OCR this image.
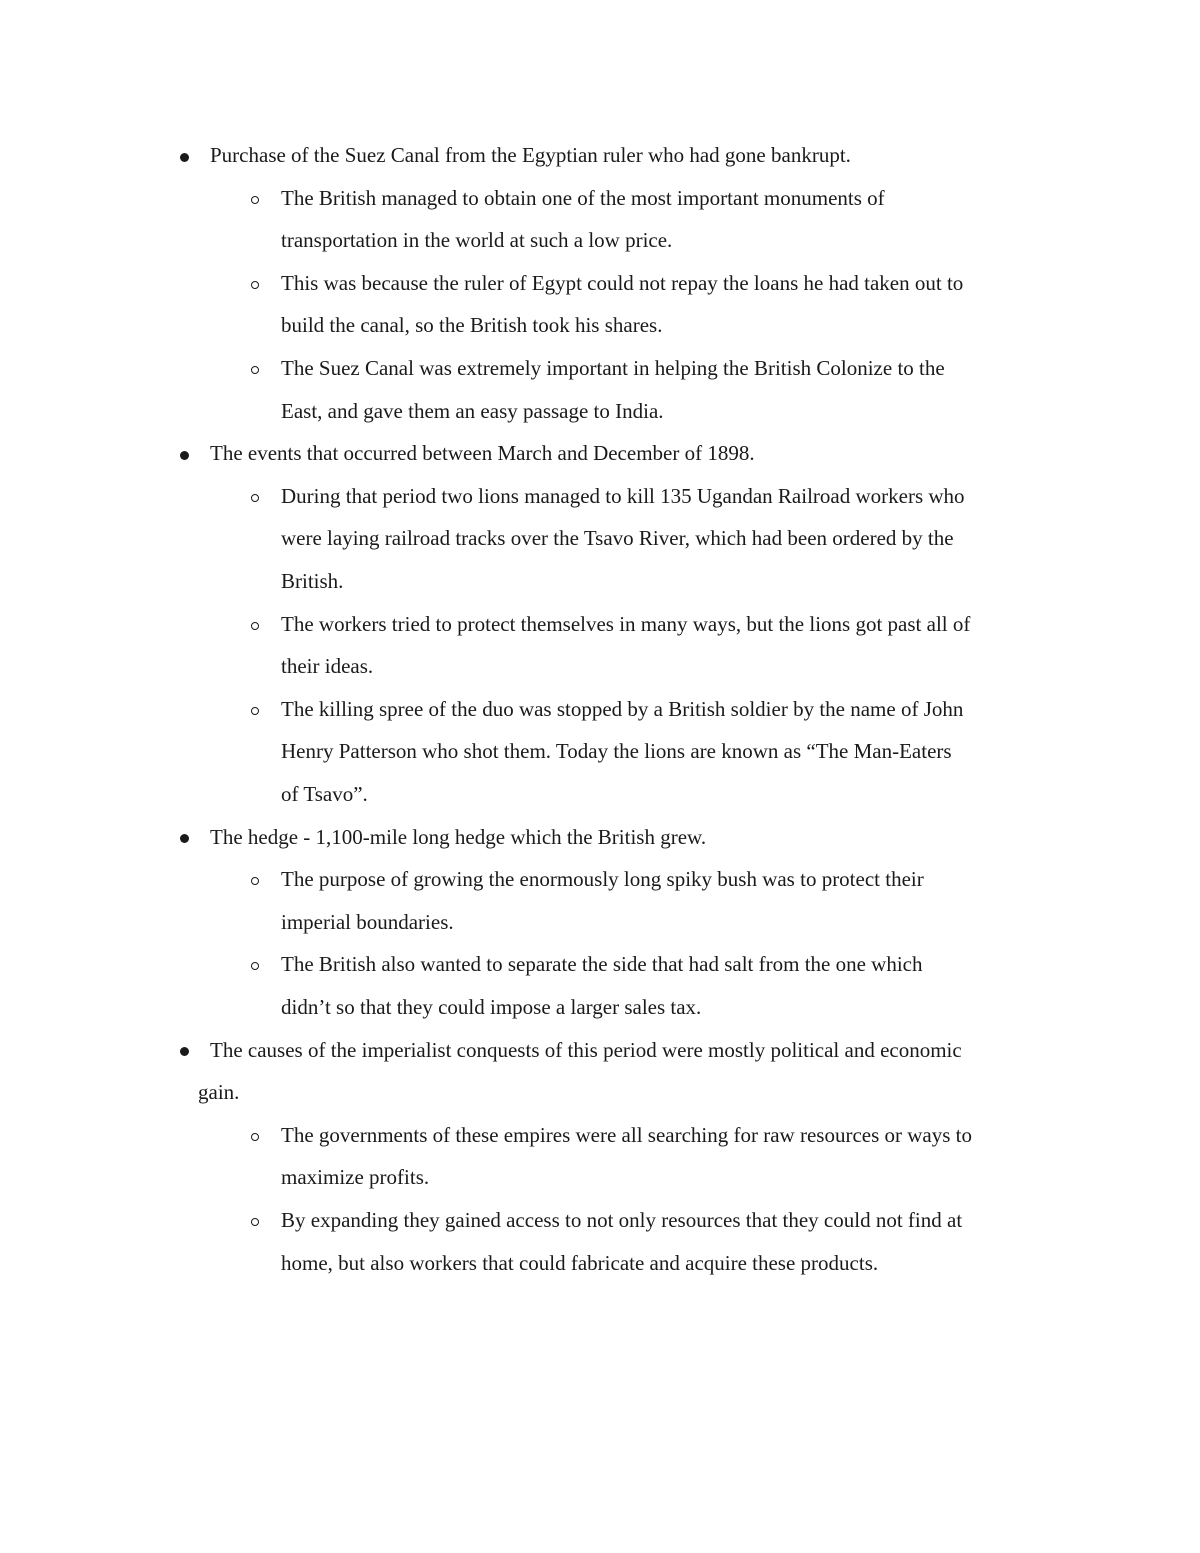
Purchase of the Suez Canal from the Egyptian ruler who had gone bankrupt.

The British managed to obtain one of the most important monuments of

transportation in the world at such a low price.

This was because the ruler of Egypt could not repay the loans he had taken out to

build the canal, so the British took his shares.

The Suez Canal was extremely important in helping the British Colonize to the

East, and gave them an easy passage to India.

The events that occurred between March and December of 1898.

During that period two lions managed to kill 135 Ugandan Railroad workers who

were laying railroad tracks over the Tsavo River, which had been ordered by the

British.

The workers tried to protect themselves in many ways, but the lions got past all of

their ideas.

The killing spree of the duo was stopped by a British soldier by the name of John

Henry Patterson who shot them. Today the lions are known as “The Man-Eaters

of Tsavo”.

The hedge - 1,100-mile long hedge which the British grew.

The purpose of growing the enormously long spiky bush was to protect their

imperial boundaries.

The British also wanted to separate the side that had salt from the one which

didn’t so that they could impose a larger sales tax.

The causes of the imperialist conquests of this period were mostly political and economic

gain.

The governments of these empires were all searching for raw resources or ways to

maximize profits.

By expanding they gained access to not only resources that they could not find at

home, but also workers that could fabricate and acquire these products.
